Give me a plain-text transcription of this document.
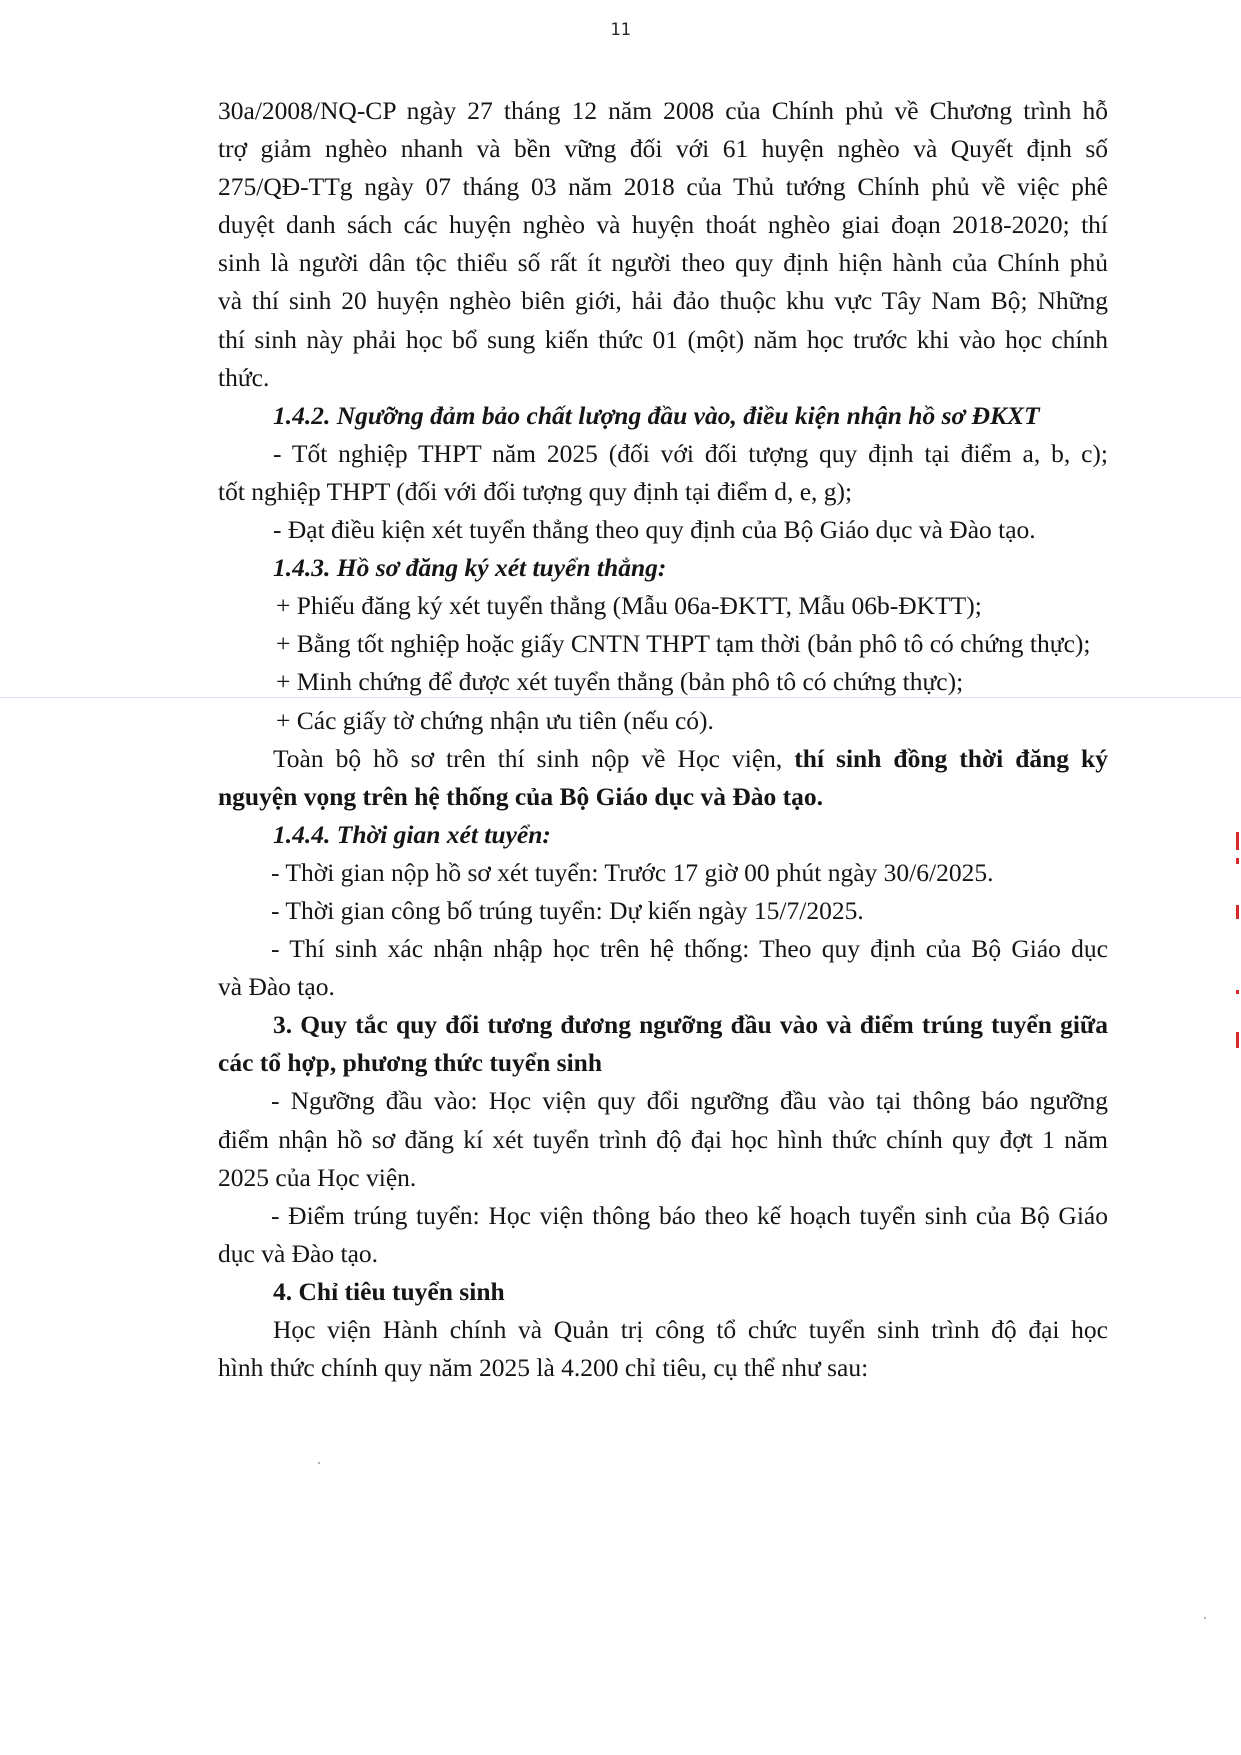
11

30a/2008/NQ-CP ngày 27 tháng 12 năm 2008 của Chính phủ về Chương trình hỗ

trợ giảm nghèo nhanh và bền vững đối với 61 huyện nghèo và Quyết định số

275/QĐ-TTg ngày 07 tháng 03 năm 2018 của Thủ tướng Chính phủ về việc phê

duyệt danh sách các huyện nghèo và huyện thoát nghèo giai đoạn 2018-2020; thí

sinh là người dân tộc thiểu số rất ít người theo quy định hiện hành của Chính phủ

và thí sinh 20 huyện nghèo biên giới, hải đảo thuộc khu vực Tây Nam Bộ; Những

thí sinh này phải học bổ sung kiến thức 01 (một) năm học trước khi vào học chính

thức.

1.4.2. Ngưỡng đảm bảo chất lượng đầu vào, điều kiện nhận hồ sơ ĐKXT

- Tốt nghiệp THPT năm 2025 (đối với đối tượng quy định tại điểm a, b, c);

tốt nghiệp THPT (đối với đối tượng quy định tại điểm d, e, g);

- Đạt điều kiện xét tuyển thẳng theo quy định của Bộ Giáo dục và Đào tạo.

1.4.3. Hồ sơ đăng ký xét tuyển thẳng:

+ Phiếu đăng ký xét tuyển thẳng (Mẫu 06a-ĐKTT, Mẫu 06b-ĐKTT);

+ Bằng tốt nghiệp hoặc giấy CNTN THPT tạm thời (bản phô tô có chứng thực);

+ Minh chứng để được xét tuyển thẳng (bản phô tô có chứng thực);

+ Các giấy tờ chứng nhận ưu tiên (nếu có).

Toàn bộ hồ sơ trên thí sinh nộp về Học viện, thí sinh đồng thời đăng ký

nguyện vọng trên hệ thống của Bộ Giáo dục và Đào tạo.

1.4.4. Thời gian xét tuyển:

- Thời gian nộp hồ sơ xét tuyển: Trước 17 giờ 00 phút ngày 30/6/2025.

- Thời gian công bố trúng tuyển: Dự kiến ngày 15/7/2025.

- Thí sinh xác nhận nhập học trên hệ thống: Theo quy định của Bộ Giáo dục

và Đào tạo.

3. Quy tắc quy đổi tương đương ngưỡng đầu vào và điểm trúng tuyển giữa

các tổ hợp, phương thức tuyển sinh

- Ngưỡng đầu vào: Học viện quy đổi ngưỡng đầu vào tại thông báo ngưỡng

điểm nhận hồ sơ đăng kí xét tuyển trình độ đại học hình thức chính quy đợt 1 năm

2025 của Học viện.

- Điểm trúng tuyển: Học viện thông báo theo kế hoạch tuyển sinh của Bộ Giáo

dục và Đào tạo.

4. Chỉ tiêu tuyển sinh

Học viện Hành chính và Quản trị công tổ chức tuyển sinh trình độ đại học

hình thức chính quy năm 2025 là 4.200 chỉ tiêu, cụ thể như sau:
